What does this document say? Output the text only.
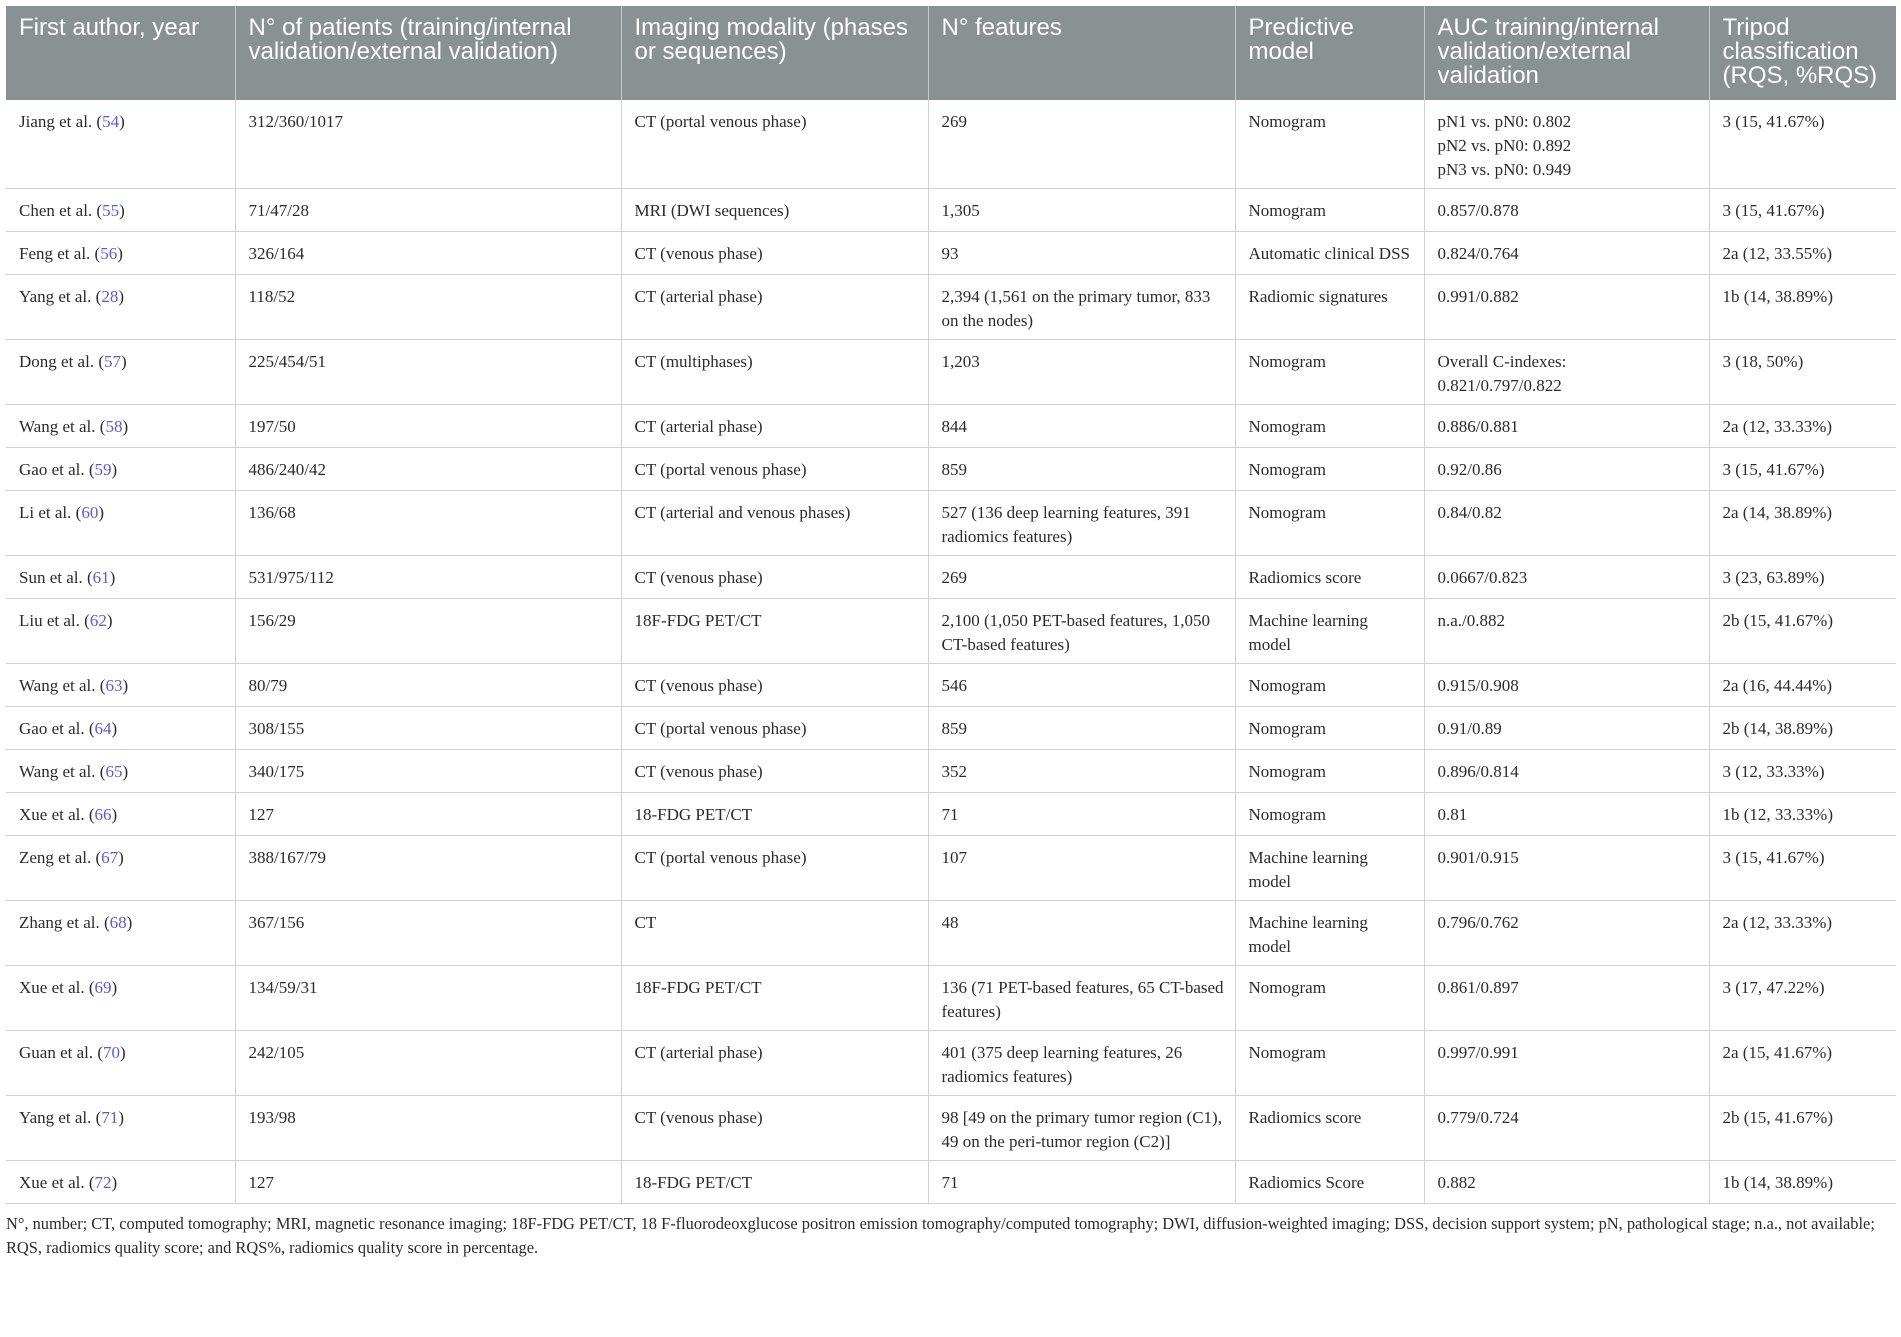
First author, year	N° of patients (training/internal validation/external validation)	Imaging modality (phases or sequences)	N° features	Predictive model	AUC training/internal validation/external validation	Tripod classification (RQS, %RQS)
Jiang et al. (54)	312/360/1017	CT (portal venous phase)	269	Nomogram	pN1 vs. pN0: 0.802
pN2 vs. pN0: 0.892
pN3 vs. pN0: 0.949	3 (15, 41.67%)
Chen et al. (55)	71/47/28	MRI (DWI sequences)	1,305	Nomogram	0.857/0.878	3 (15, 41.67%)
Feng et al. (56)	326/164	CT (venous phase)	93	Automatic clinical DSS	0.824/0.764	2a (12, 33.55%)
Yang et al. (28)	118/52	CT (arterial phase)	2,394 (1,561 on the primary tumor, 833 on the nodes)	Radiomic signatures	0.991/0.882	1b (14, 38.89%)
Dong et al. (57)	225/454/51	CT (multiphases)	1,203	Nomogram	Overall C-indexes:
0.821/0.797/0.822	3 (18, 50%)
Wang et al. (58)	197/50	CT (arterial phase)	844	Nomogram	0.886/0.881	2a (12, 33.33%)
Gao et al. (59)	486/240/42	CT (portal venous phase)	859	Nomogram	0.92/0.86	3 (15, 41.67%)
Li et al. (60)	136/68	CT (arterial and venous phases)	527 (136 deep learning features, 391 radiomics features)	Nomogram	0.84/0.82	2a (14, 38.89%)
Sun et al. (61)	531/975/112	CT (venous phase)	269	Radiomics score	0.0667/0.823	3 (23, 63.89%)
Liu et al. (62)	156/29	18F-FDG PET/CT	2,100 (1,050 PET-based features, 1,050 CT-based features)	Machine learning model	n.a./0.882	2b (15, 41.67%)
Wang et al. (63)	80/79	CT (venous phase)	546	Nomogram	0.915/0.908	2a (16, 44.44%)
Gao et al. (64)	308/155	CT (portal venous phase)	859	Nomogram	0.91/0.89	2b (14, 38.89%)
Wang et al. (65)	340/175	CT (venous phase)	352	Nomogram	0.896/0.814	3 (12, 33.33%)
Xue et al. (66)	127	18-FDG PET/CT	71	Nomogram	0.81	1b (12, 33.33%)
Zeng et al. (67)	388/167/79	CT (portal venous phase)	107	Machine learning model	0.901/0.915	3 (15, 41.67%)
Zhang et al. (68)	367/156	CT	48	Machine learning model	0.796/0.762	2a (12, 33.33%)
Xue et al. (69)	134/59/31	18F-FDG PET/CT	136 (71 PET-based features, 65 CT-based features)	Nomogram	0.861/0.897	3 (17, 47.22%)
Guan et al. (70)	242/105	CT (arterial phase)	401 (375 deep learning features, 26 radiomics features)	Nomogram	0.997/0.991	2a (15, 41.67%)
Yang et al. (71)	193/98	CT (venous phase)	98 [49 on the primary tumor region (C1), 49 on the peri-tumor region (C2)]	Radiomics score	0.779/0.724	2b (15, 41.67%)
Xue et al. (72)	127	18-FDG PET/CT	71	Radiomics Score	0.882	1b (14, 38.89%)
N°, number; CT, computed tomography; MRI, magnetic resonance imaging; 18F-FDG PET/CT, 18 F-fluorodeoxglucose positron emission tomography/computed tomography; DWI, diffusion-weighted imaging; DSS, decision support system; pN, pathological stage; n.a., not available; RQS, radiomics quality score; and RQS%, radiomics quality score in percentage.
